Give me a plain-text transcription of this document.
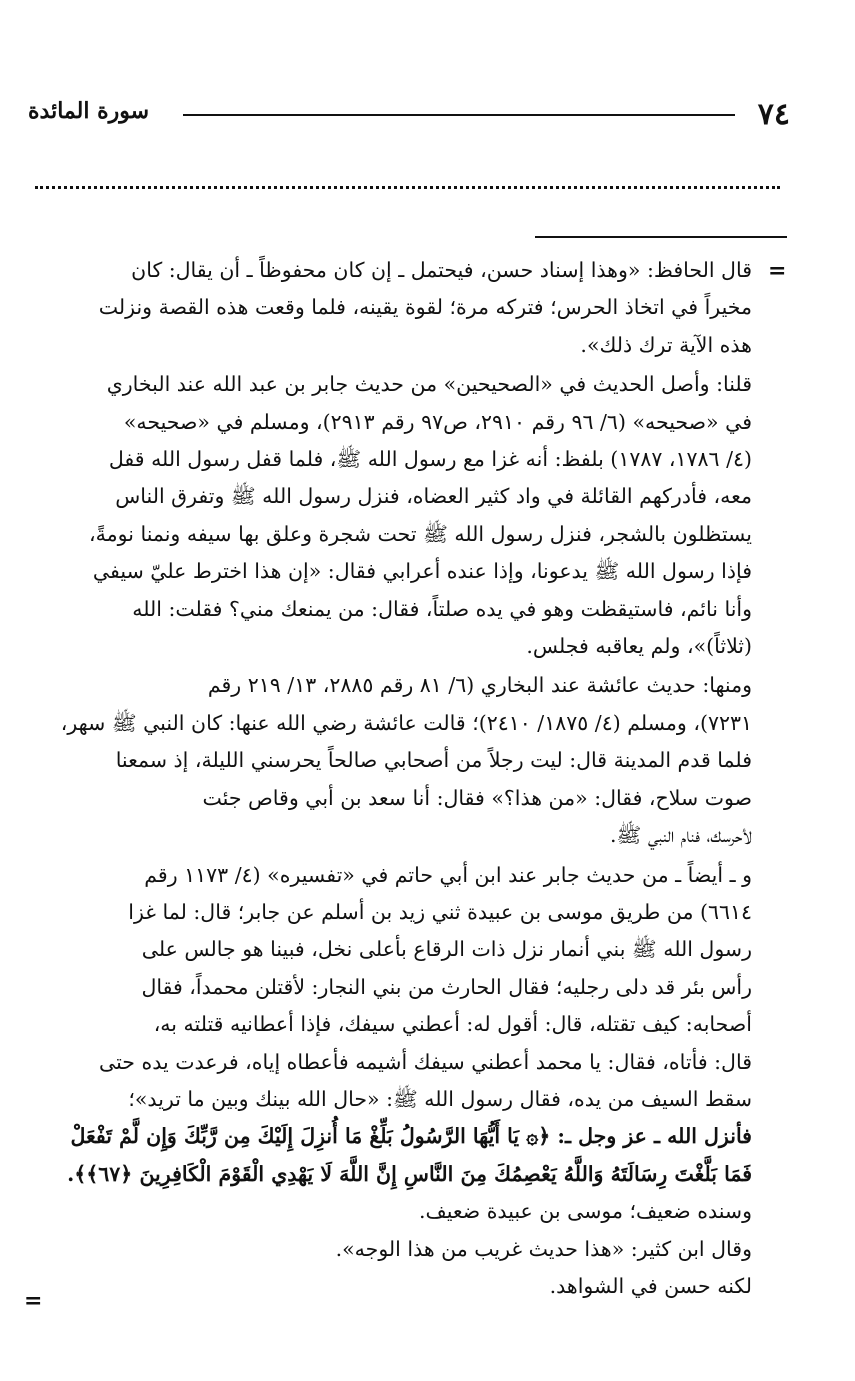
سورة المائدة	٧٤
=
=

قال الحافظ: «وهذا إسناد حسن، فيحتمل ـ إن كان محفوظاً ـ أن يقال: كان

مخيراً في اتخاذ الحرس؛ فتركه مرة؛ لقوة يقينه، فلما وقعت هذه القصة ونزلت

هذه الآية ترك ذلك».

قلنا: وأصل الحديث في «الصحيحين» من حديث جابر بن عبد الله عند البخاري

في «صحيحه» (٦/ ٩٦ رقم ٢٩١٠، ص٩٧ رقم ٢٩١٣)، ومسلم في «صحيحه»

(٤/ ١٧٨٦، ١٧٨٧) بلفظ: أنه غزا مع رسول الله ﷺ، فلما قفل رسول الله قفل

معه، فأدركهم القائلة في واد كثير العضاه، فنزل رسول الله ﷺ وتفرق الناس

يستظلون بالشجر، فنزل رسول الله ﷺ تحت شجرة وعلق بها سيفه ونمنا نومةً،

فإذا رسول الله ﷺ يدعونا، وإذا عنده أعرابي فقال: «إن هذا اخترط عليّ سيفي

وأنا نائم، فاستيقظت وهو في يده صلتاً، فقال: من يمنعك مني؟ فقلت: الله

(ثلاثاً)»، ولم يعاقبه فجلس.

ومنها: حديث عائشة عند البخاري (٦/ ٨١ رقم ٢٨٨٥، ١٣/ ٢١٩ رقم

٧٢٣١)، ومسلم (٤/ ١٨٧٥/ ٢٤١٠)؛ قالت عائشة رضي الله عنها: كان النبي ﷺ سهر،

فلما قدم المدينة قال: ليت رجلاً من أصحابي صالحاً يحرسني الليلة، إذ سمعنا

صوت سلاح، فقال: «من هذا؟» فقال: أنا سعد بن أبي وقاص جئت

لأحرسك، فنام النبي ﷺ.

و ـ أيضاً ـ من حديث جابر عند ابن أبي حاتم في «تفسيره» (٤/ ١١٧٣ رقم

٦٦١٤) من طريق موسى بن عبيدة ثني زيد بن أسلم عن جابر؛ قال: لما غزا

رسول الله ﷺ بني أنمار نزل ذات الرقاع بأعلى نخل، فبينا هو جالس على

رأس بئر قد دلى رجليه؛ فقال الحارث من بني النجار: لأقتلن محمداً، فقال

أصحابه: كيف تقتله، قال: أقول له: أعطني سيفك، فإذا أعطانيه قتلته به،

قال: فأتاه، فقال: يا محمد أعطني سيفك أشيمه فأعطاه إياه، فرعدت يده حتى

سقط السيف من يده، فقال رسول الله ﷺ: «حال الله بينك وبين ما تريد»؛

فأنزل الله ـ عز وجل ـ: ﴿۞ يَا أَيُّهَا الرَّسُولُ بَلِّغْ مَا أُنزِلَ إِلَيْكَ مِن رَّبِّكَ وَإِن لَّمْ تَفْعَلْ

فَمَا بَلَّغْتَ رِسَالَتَهُ وَاللَّهُ يَعْصِمُكَ مِنَ النَّاسِ إِنَّ اللَّهَ لَا يَهْدِي الْقَوْمَ الْكَافِرِينَ ﴿٦٧﴾﴾.

وسنده ضعيف؛ موسى بن عبيدة ضعيف.

وقال ابن كثير: «هذا حديث غريب من هذا الوجه».

لكنه حسن في الشواهد.
